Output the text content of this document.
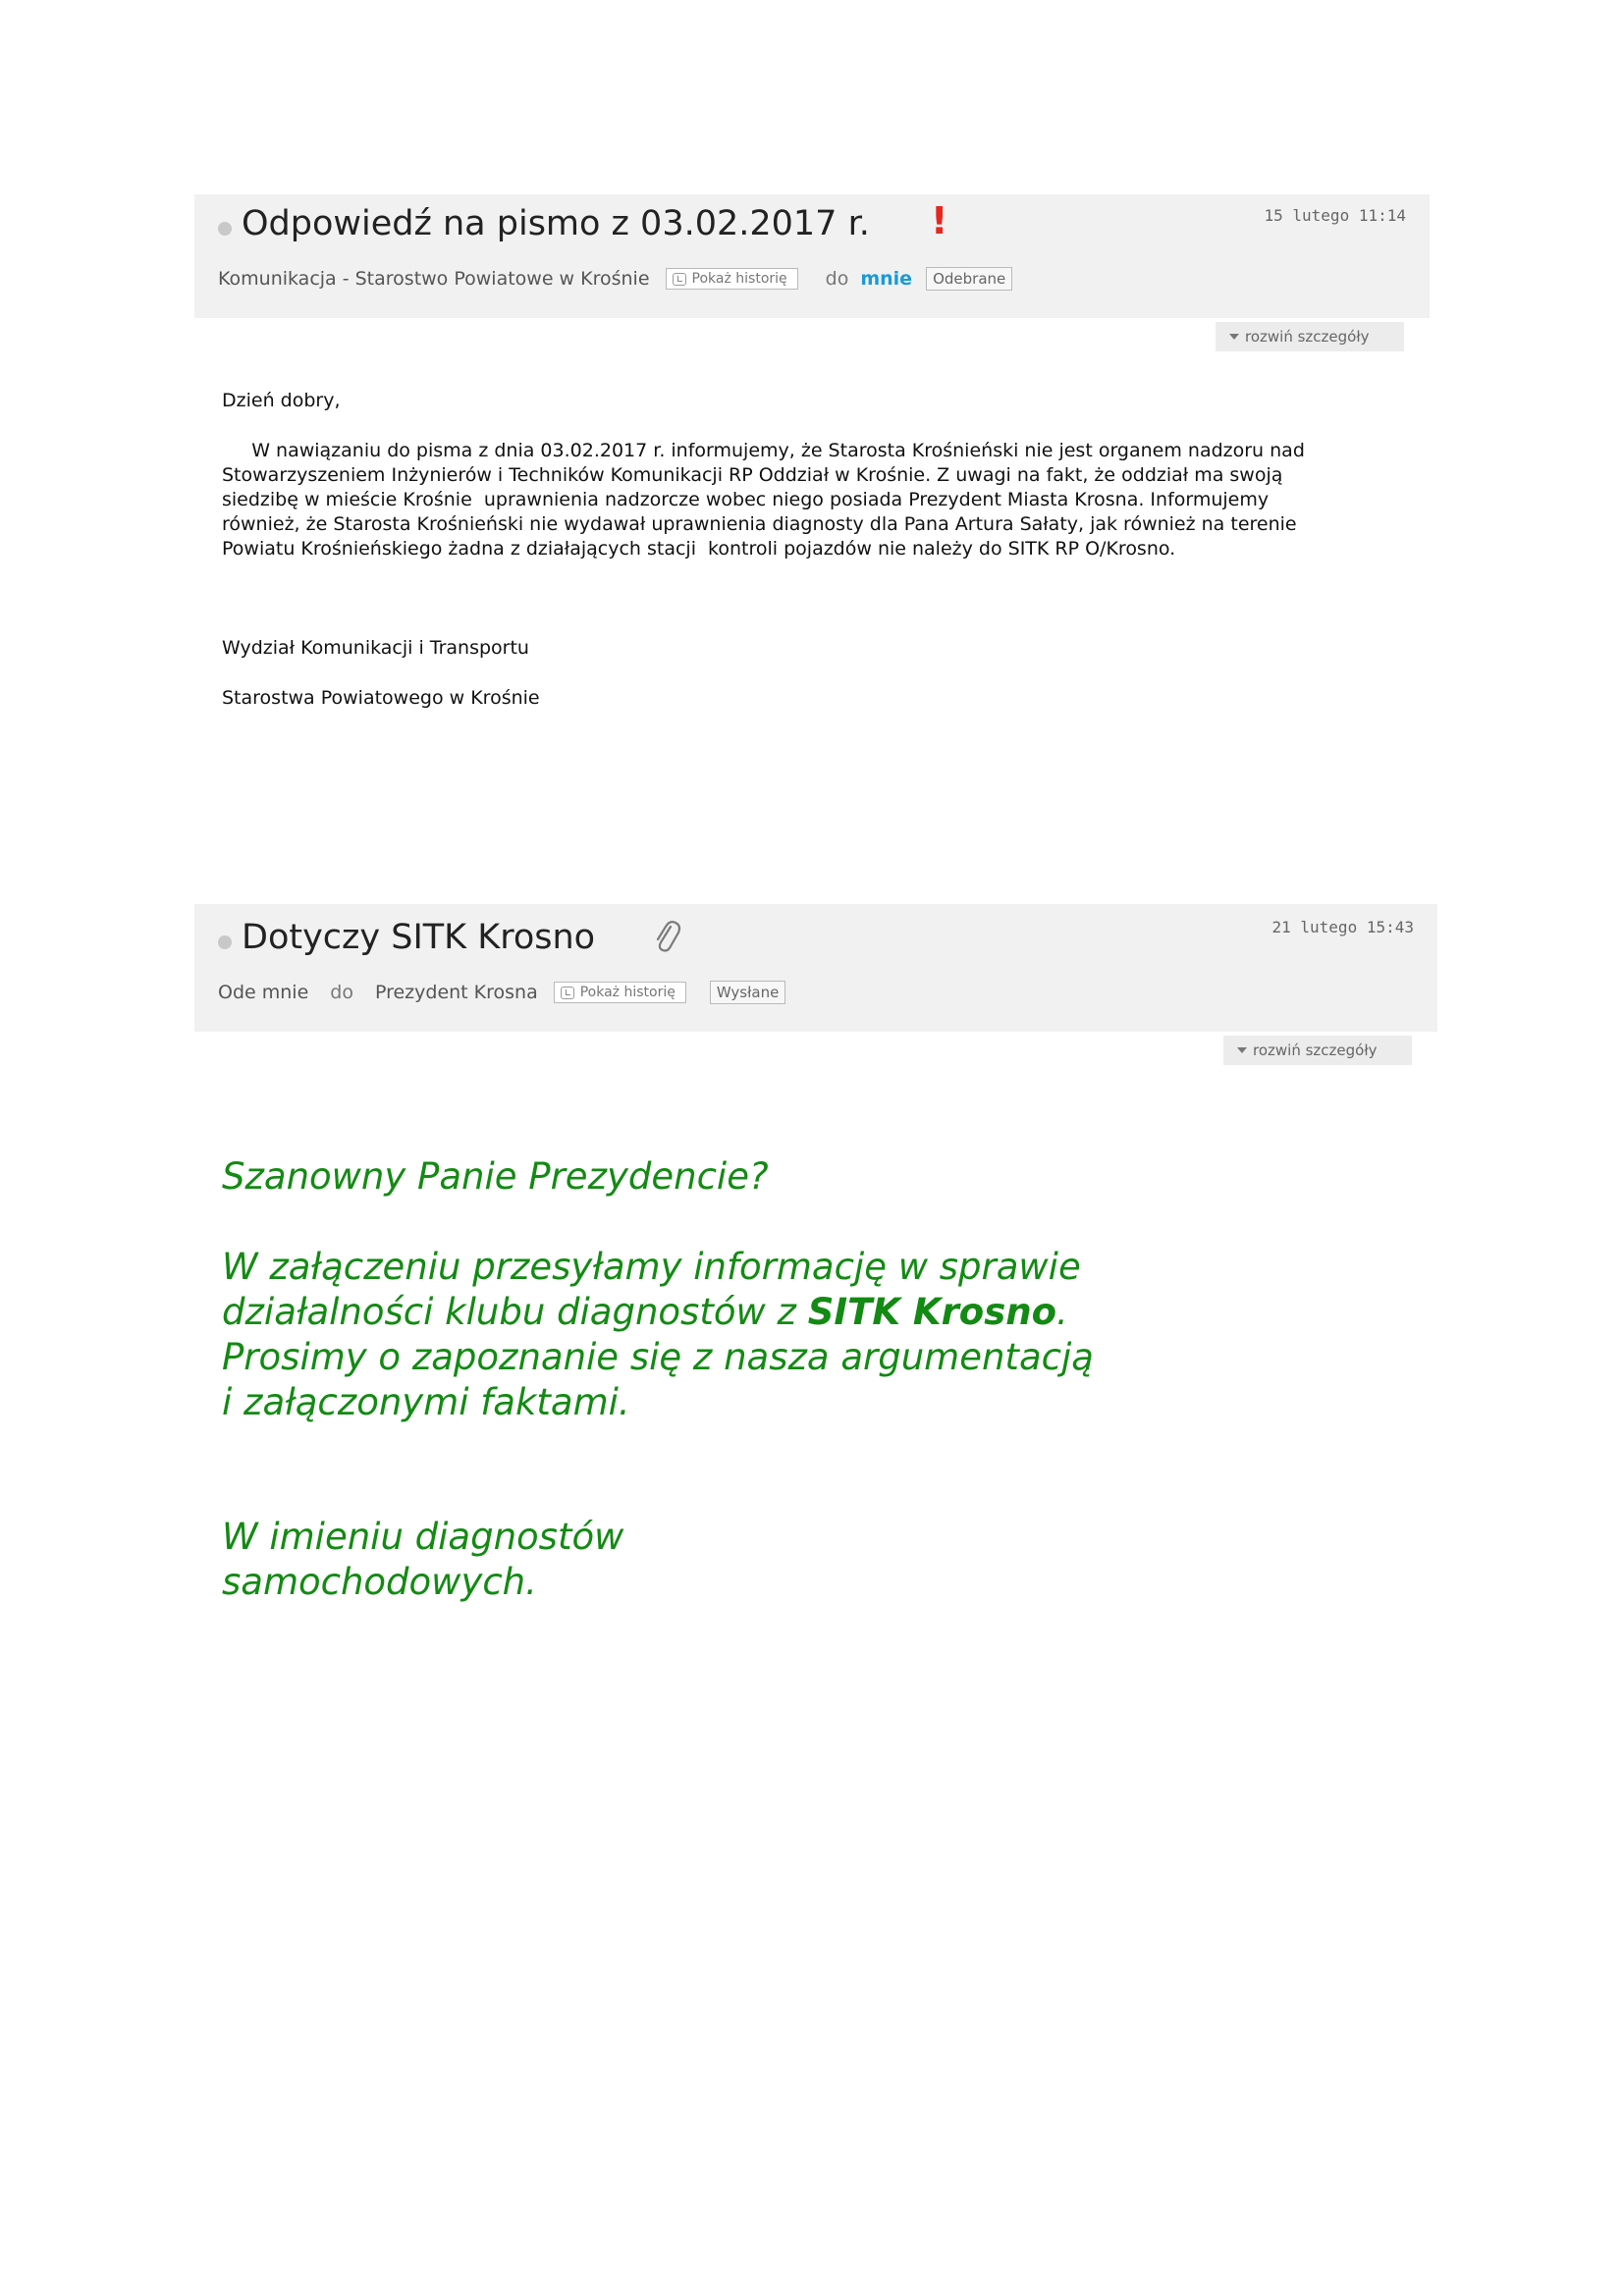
Odpowiedź na pismo z 03.02.2017 r. !	15 lutego 11:14
Komunikacja - Starostwo Powiatowe w Krośnie	Pokaż historię do mnie	Odebrane
rozwiń szczegóły
Dzień dobry,
W nawiązaniu do pisma z dnia 03.02.2017 r. informujemy, że Starosta Krośnieński nie jest organem nadzoru nad
Stowarzyszeniem Inżynierów i Techników Komunikacji RP Oddział w Krośnie. Z uwagi na fakt, że oddział ma swoją
siedzibę w mieście Krośnie  uprawnienia nadzorcze wobec niego posiada Prezydent Miasta Krosna. Informujemy
również, że Starosta Krośnieński nie wydawał uprawnienia diagnosty dla Pana Artura Sałaty, jak również na terenie
Powiatu Krośnieńskiego żadna z działających stacji  kontroli pojazdów nie należy do SITK RP O/Krosno.
Wydział Komunikacji i Transportu
Starostwa Powiatowego w Krośnie
Dotyczy SITK Krosno	21 lutego 15:43
Ode mnie do Prezydent Krosna	Pokaż historię	Wysłane
rozwiń szczegóły
Szanowny Panie Prezydencie?
W załączeniu przesyłamy informację w sprawie
działalności klubu diagnostów z SITK Krosno.
Prosimy o zapoznanie się z nasza argumentacją
i załączonymi faktami.
W imieniu diagnostów
samochodowych.
